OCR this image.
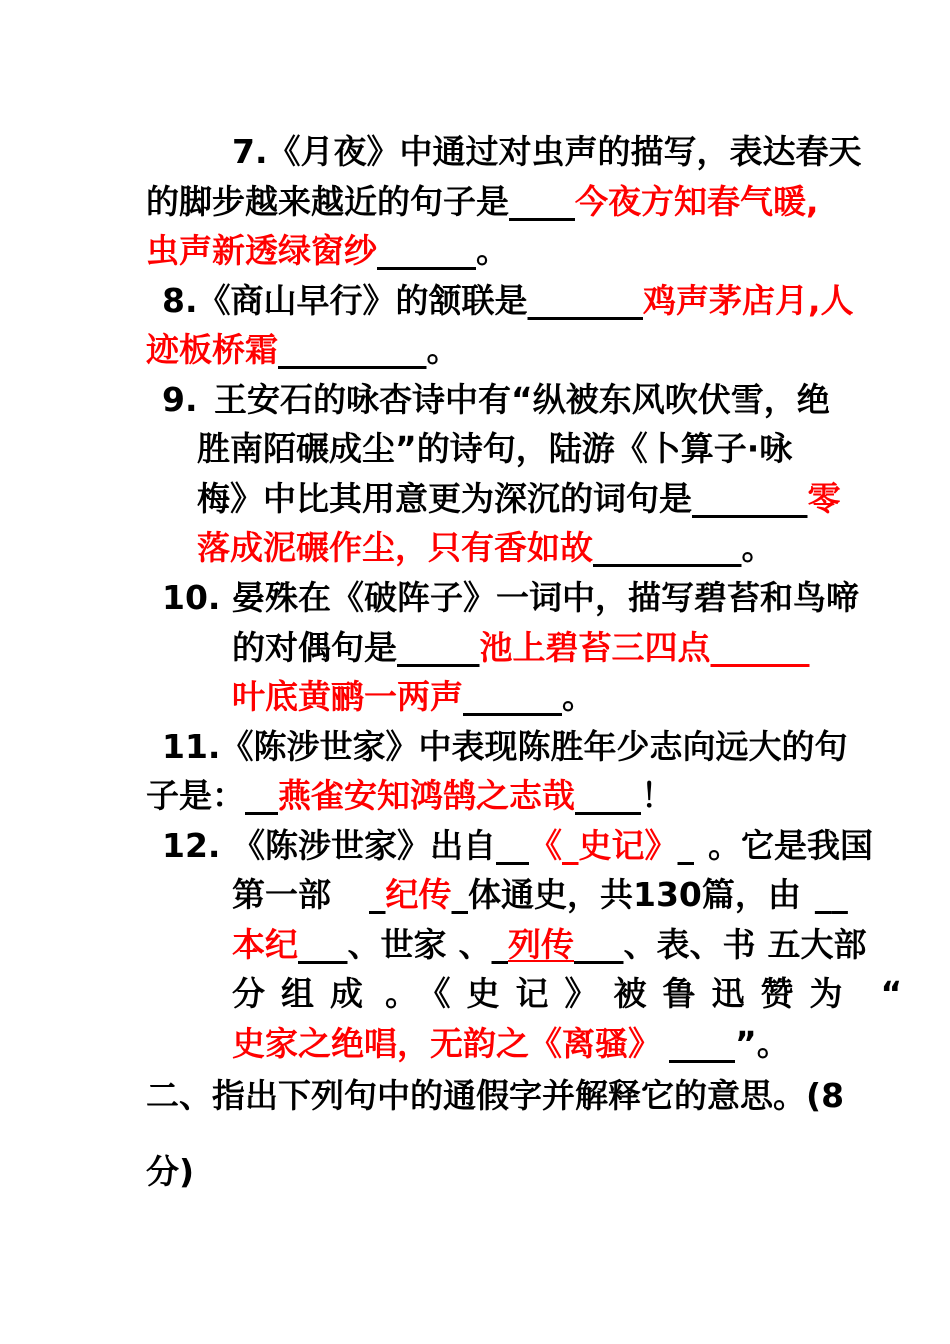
7.《月夜》中通过对虫声的描写，表达春天
的脚步越来越近的句子是____今夜方知春气暖,
虫声新透绿窗纱______。
8.《商山早行》的颔联是_______鸡声茅店月,人
迹板桥霜_________。
9. 王安石的咏杏诗中有“纵被东风吹伏雪，绝
胜南陌碾成尘”的诗句，陆游《卜算子·咏
梅》中比其用意更为深沉的词句是_______零
落成泥碾作尘，只有香如故_________。
10. 晏殊在《破阵子》一词中，描写碧苔和鸟啼
的对偶句是_____池上碧苔三四点______
叶底黄鹂一两声______。
11.《陈涉世家》中表现陈胜年少志向远大的句
子是：__燕雀安知鸿鹄之志哉____！
12. 《陈涉世家》出自__《_史记》_ 。它是我国
第一部 _纪传_体通史，共130篇，由 __
本纪___、世家 、_列传___、表、书 五大部
分组成 。《史记》被鲁迅赞为 “
史家之绝唱，无韵之《离骚》 ____”。
二、指出下列句中的通假字并解释它的意思。(8
分)
